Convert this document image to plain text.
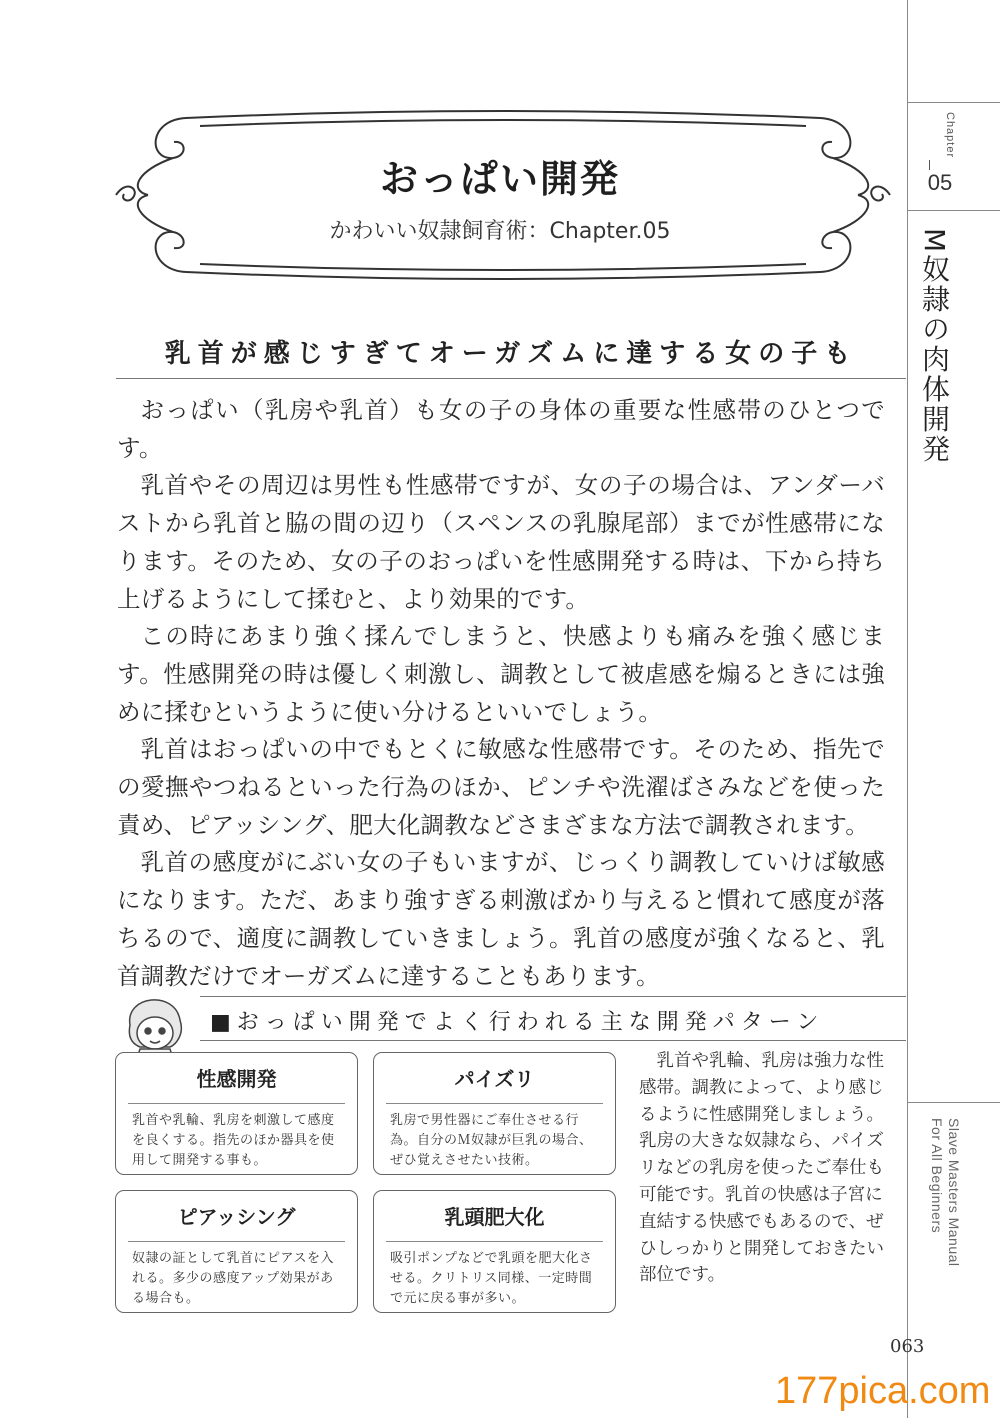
Chapter
05
M奴隷の肉体開発
Slave Masters Manual
For All Beginners
おっぱい開発
かわいい奴隷飼育術：Chapter.05
乳首が感じすぎてオーガズムに達する女の子も

おっぱい（乳房や乳首）も女の子の身体の重要な性感帯のひとつです。

乳首やその周辺は男性も性感帯ですが、女の子の場合は、アンダーバストから乳首と脇の間の辺り（スペンスの乳腺尾部）までが性感帯になります。そのため、女の子のおっぱいを性感開発する時は、下から持ち上げるようにして揉むと、より効果的です。

この時にあまり強く揉んでしまうと、快感よりも痛みを強く感じます。性感開発の時は優しく刺激し、調教として被虐感を煽るときには強めに揉むというように使い分けるといいでしょう。

乳首はおっぱいの中でもとくに敏感な性感帯です。そのため、指先での愛撫やつねるといった行為のほか、ピンチや洗濯ばさみなどを使った責め、ピアッシング、肥大化調教などさまざまな方法で調教されます。

乳首の感度がにぶい女の子もいますが、じっくり調教していけば敏感になります。ただ、あまり強すぎる刺激ばかり与えると慣れて感度が落ちるので、適度に調教していきましょう。乳首の感度が強くなると、乳首調教だけでオーガズムに達することもあります。

■おっぱい開発でよく行われる主な開発パターン
性感開発
乳首や乳輪、乳房を刺激して感度を良くする。指先のほか器具を使用して開発する事も。
パイズリ
乳房で男性器にご奉仕させる行為。自分のＭ奴隷が巨乳の場合、ぜひ覚えさせたい技術。
ピアッシング
奴隷の証として乳首にピアスを入れる。多少の感度アップ効果がある場合も。
乳頭肥大化
吸引ポンプなどで乳頭を肥大化させる。クリトリス同様、一定時間で元に戻る事が多い。
乳首や乳輪、乳房は強力な性感帯。調教によって、より感じるように性感開発しましょう。乳房の大きな奴隷なら、パイズリなどの乳房を使ったご奉仕も可能です。乳首の快感は子宮に直結する快感でもあるので、ぜひしっかりと開発しておきたい部位です。
063
177pica.com
